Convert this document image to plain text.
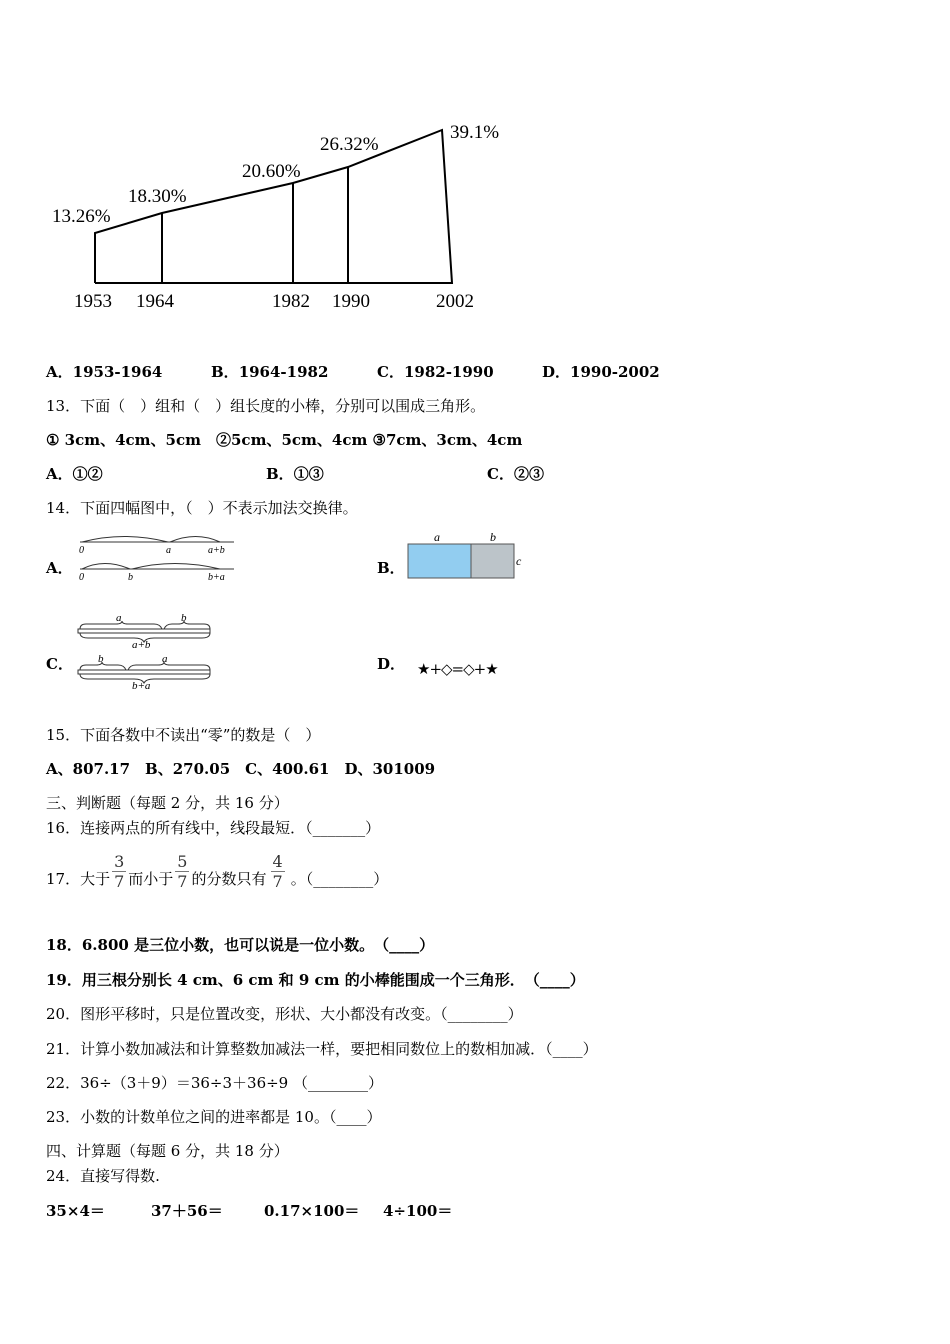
13.26%
18.30%
20.60%
26.32%
39.1%
1953 1964	1982 1990	2002
A．1953-1964	B．1964-1982	C．1982-1990	D．1990-2002
13．下面（　）组和（　）组长度的小棒，分别可以围成三角形。
① 3cm、4cm、5cm　②5cm、5cm、4cm ③7cm、3cm、4cm
A．①②	B．①③	C．②③
14．下面四幅图中，（　）不表示加法交换律。
A．
0	a	a+b
0	b	b+a
B．
a	b
c
C．
a	b
a+b
b	a
b+a
D． ★+◇=◇+★
15．下面各数中不读出“零”的数是（　）
A、807.17　B、270.05　C、400.61　D、301009
三、判断题（每题 2 分，共 16 分）
16．连接两点的所有线中，线段最短．（_______）
17．大于
3
7 而小于
5
7 的分数只有
4
7 。（________）
18．6.800 是三位小数，也可以说是一位小数。　（____）
19．用三根分别长 4 cm、6 cm 和 9 cm 的小棒能围成一个三角形．　（____）
20．图形平移时，只是位置改变，形状、大小都没有改变。（________）
21．计算小数加减法和计算整数加减法一样，要把相同数位上的数相加减．（____）
22．36÷（3＋9）＝36÷3＋36÷9 （________）
23．小数的计数单位之间的进率都是 10。（____）
四、计算题（每题 6 分，共 18 分）
24．直接写得数.
35×4＝	37＋56＝	0.17×100＝ 4÷100＝
